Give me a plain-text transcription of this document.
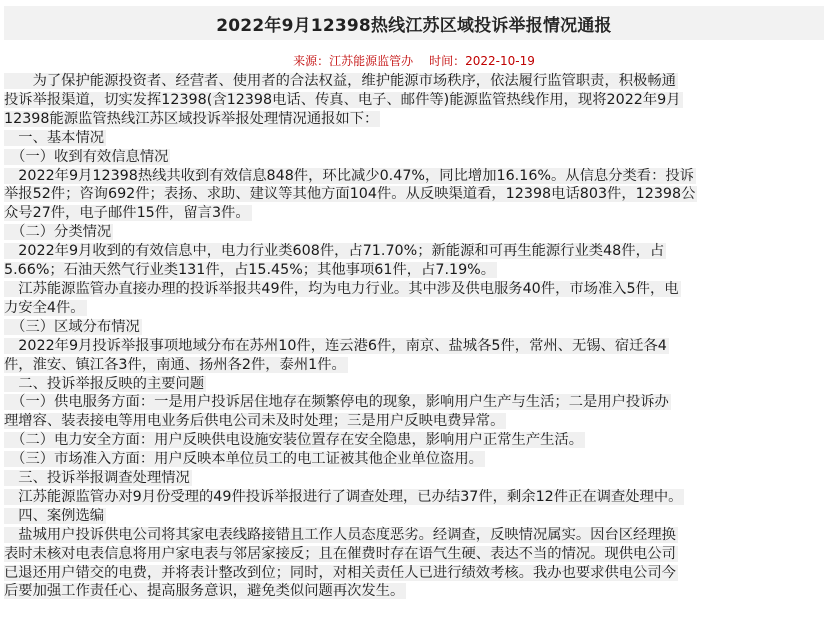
2022年9月12398热线江苏区域投诉举报情况通报
来源：江苏能源监管办 时间：2022-10-19
　　为了保护能源投资者、经营者、使用者的合法权益，维护能源市场秩序，依法履行监管职责，积极畅通
投诉举报渠道，切实发挥12398(含12398电话、传真、电子、邮件等)能源监管热线作用，现将2022年9月
12398能源监管热线江苏区域投诉举报处理情况通报如下：
　一、基本情况
　（一）收到有效信息情况
　2022年9月12398热线共收到有效信息848件，环比减少0.47%，同比增加16.16%。从信息分类看：投诉
举报52件；咨询692件；表扬、求助、建议等其他方面104件。从反映渠道看，12398电话803件，12398公
众号27件，电子邮件15件，留言3件。
　（二）分类情况
　2022年9月收到的有效信息中，电力行业类608件，占71.70%；新能源和可再生能源行业类48件，占
5.66%；石油天然气行业类131件，占15.45%；其他事项61件，占7.19%。
　江苏能源监管办直接办理的投诉举报共49件，均为电力行业。其中涉及供电服务40件，市场准入5件，电
力安全4件。
　（三）区域分布情况
　2022年9月投诉举报事项地域分布在苏州10件，连云港6件，南京、盐城各5件，常州、无锡、宿迁各4
件，淮安、镇江各3件，南通、扬州各2件，泰州1件。
　二、投诉举报反映的主要问题
　（一）供电服务方面：一是用户投诉居住地存在频繁停电的现象，影响用户生产与生活；二是用户投诉办
理增容、装表接电等用电业务后供电公司未及时处理；三是用户反映电费异常。
　（二）电力安全方面：用户反映供电设施安装位置存在安全隐患，影响用户正常生产生活。
　（三）市场准入方面：用户反映本单位员工的电工证被其他企业单位盗用。
　三、投诉举报调查处理情况
　江苏能源监管办对9月份受理的49件投诉举报进行了调查处理，已办结37件，剩余12件正在调查处理中。
　四、案例选编
　盐城用户投诉供电公司将其家电表线路接错且工作人员态度恶劣。经调查，反映情况属实。因台区经理换
表时未核对电表信息将用户家电表与邻居家接反；且在催费时存在语气生硬、表达不当的情况。现供电公司
已退还用户错交的电费，并将表计整改到位；同时，对相关责任人已进行绩效考核。我办也要求供电公司今
后要加强工作责任心、提高服务意识，避免类似问题再次发生。
